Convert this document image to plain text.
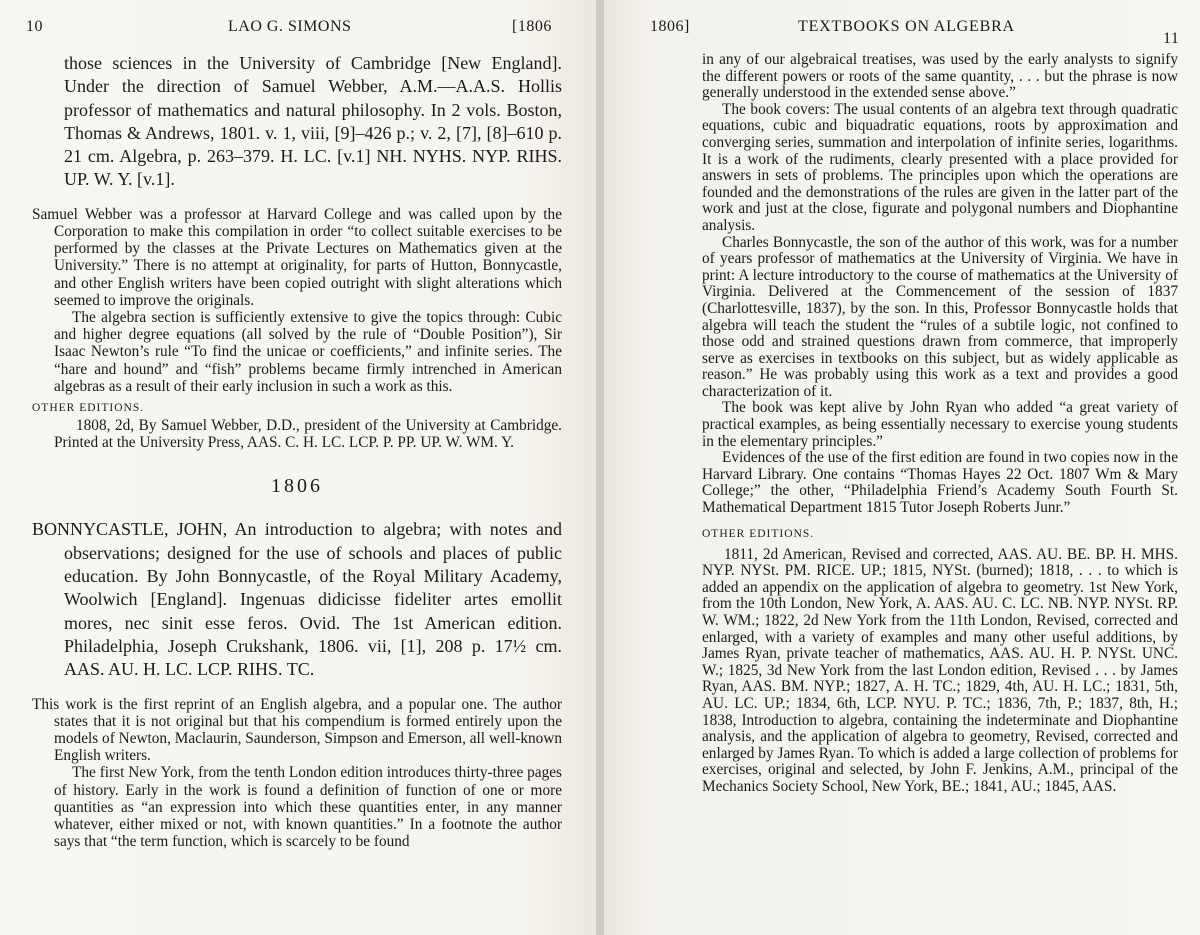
10	LAO G. SIMONS	[1806

those sciences in the University of Cambridge [New England]. Under the direction of Samuel Webber, A.M.—A.A.S. Hollis professor of mathematics and natural philosophy. In 2 vols. Boston, Thomas & Andrews, 1801. v. 1, viii, [9]–426 p.; v. 2, [7], [8]–610 p. 21 cm. Algebra, p. 263–379. H. LC. [v.1] NH. NYHS. NYP. RIHS. UP. W. Y. [v.1].

Samuel Webber was a professor at Harvard College and was called upon by the Corporation to make this compilation in order “to collect suitable exercises to be performed by the classes at the Private Lectures on Mathematics given at the University.” There is no attempt at originality, for parts of Hutton, Bonnycastle, and other English writers have been copied outright with slight alterations which seemed to improve the originals.

The algebra section is sufficiently extensive to give the topics through: Cubic and higher degree equations (all solved by the rule of “Double Position”), Sir Isaac Newton’s rule “To find the unicae or coefficients,” and infinite series. The “hare and hound” and “fish” problems became firmly intrenched in American algebras as a result of their early inclusion in such a work as this.

OTHER EDITIONS.

1808, 2d, By Samuel Webber, D.D., president of the University at Cambridge. Printed at the University Press, AAS. C. H. LC. LCP. P. PP. UP. W. WM. Y.

1806

BONNYCASTLE, JOHN, An introduction to algebra; with notes and observations; designed for the use of schools and places of public education. By John Bonnycastle, of the Royal Military Academy, Woolwich [England]. Ingenuas didicisse fideliter artes emollit mores, nec sinit esse feros. Ovid. The 1st American edition. Philadelphia, Joseph Crukshank, 1806. vii, [1], 208 p. 17½ cm. AAS. AU. H. LC. LCP. RIHS. TC.

This work is the first reprint of an English algebra, and a popular one. The author states that it is not original but that his compendium is formed entirely upon the models of Newton, Maclaurin, Saunderson, Simpson and Emerson, all well-known English writers.

The first New York, from the tenth London edition introduces thirty-three pages of history. Early in the work is found a definition of function of one or more quantities as “an expression into which these quantities enter, in any manner whatever, either mixed or not, with known quantities.” In a footnote the author says that “the term function, which is scarcely to be found

1806]	TEXTBOOKS ON ALGEBRA
11

in any of our algebraical treatises, was used by the early analysts to signify the different powers or roots of the same quantity, . . . but the phrase is now generally understood in the extended sense above.”

The book covers: The usual contents of an algebra text through quadratic equations, cubic and biquadratic equations, roots by approximation and converging series, summation and interpolation of infinite series, logarithms. It is a work of the rudiments, clearly presented with a place provided for answers in sets of problems. The principles upon which the operations are founded and the demonstrations of the rules are given in the latter part of the work and just at the close, figurate and polygonal numbers and Diophantine analysis.

Charles Bonnycastle, the son of the author of this work, was for a number of years professor of mathematics at the University of Virginia. We have in print: A lecture introductory to the course of mathematics at the University of Virginia. Delivered at the Commencement of the session of 1837 (Charlottesville, 1837), by the son. In this, Professor Bonnycastle holds that algebra will teach the student the “rules of a subtile logic, not confined to those odd and strained questions drawn from commerce, that improperly serve as exercises in textbooks on this subject, but as widely applicable as reason.” He was probably using this work as a text and provides a good characterization of it.

The book was kept alive by John Ryan who added “a great variety of practical examples, as being essentially necessary to exercise young students in the elementary principles.”

Evidences of the use of the first edition are found in two copies now in the Harvard Library. One contains “Thomas Hayes 22 Oct. 1807 Wm & Mary College;” the other, “Philadelphia Friend’s Academy South Fourth St. Mathematical Department 1815 Tutor Joseph Roberts Junr.”

OTHER EDITIONS.

1811, 2d American, Revised and corrected, AAS. AU. BE. BP. H. MHS. NYP. NYSt. PM. RICE. UP.; 1815, NYSt. (burned); 1818, . . . to which is added an appendix on the application of algebra to geometry. 1st New York, from the 10th London, New York, A. AAS. AU. C. LC. NB. NYP. NYSt. RP. W. WM.; 1822, 2d New York from the 11th London, Revised, corrected and enlarged, with a variety of examples and many other useful additions, by James Ryan, private teacher of mathematics, AAS. AU. H. P. NYSt. UNC. W.; 1825, 3d New York from the last London edition, Revised . . . by James Ryan, AAS. BM. NYP.; 1827, A. H. TC.; 1829, 4th, AU. H. LC.; 1831, 5th, AU. LC. UP.; 1834, 6th, LCP. NYU. P. TC.; 1836, 7th, P.; 1837, 8th, H.; 1838, Introduction to algebra, containing the indeterminate and Diophantine analysis, and the application of algebra to geometry, Revised, corrected and enlarged by James Ryan. To which is added a large collection of problems for exercises, original and selected, by John F. Jenkins, A.M., principal of the Mechanics Society School, New York, BE.; 1841, AU.; 1845, AAS.
